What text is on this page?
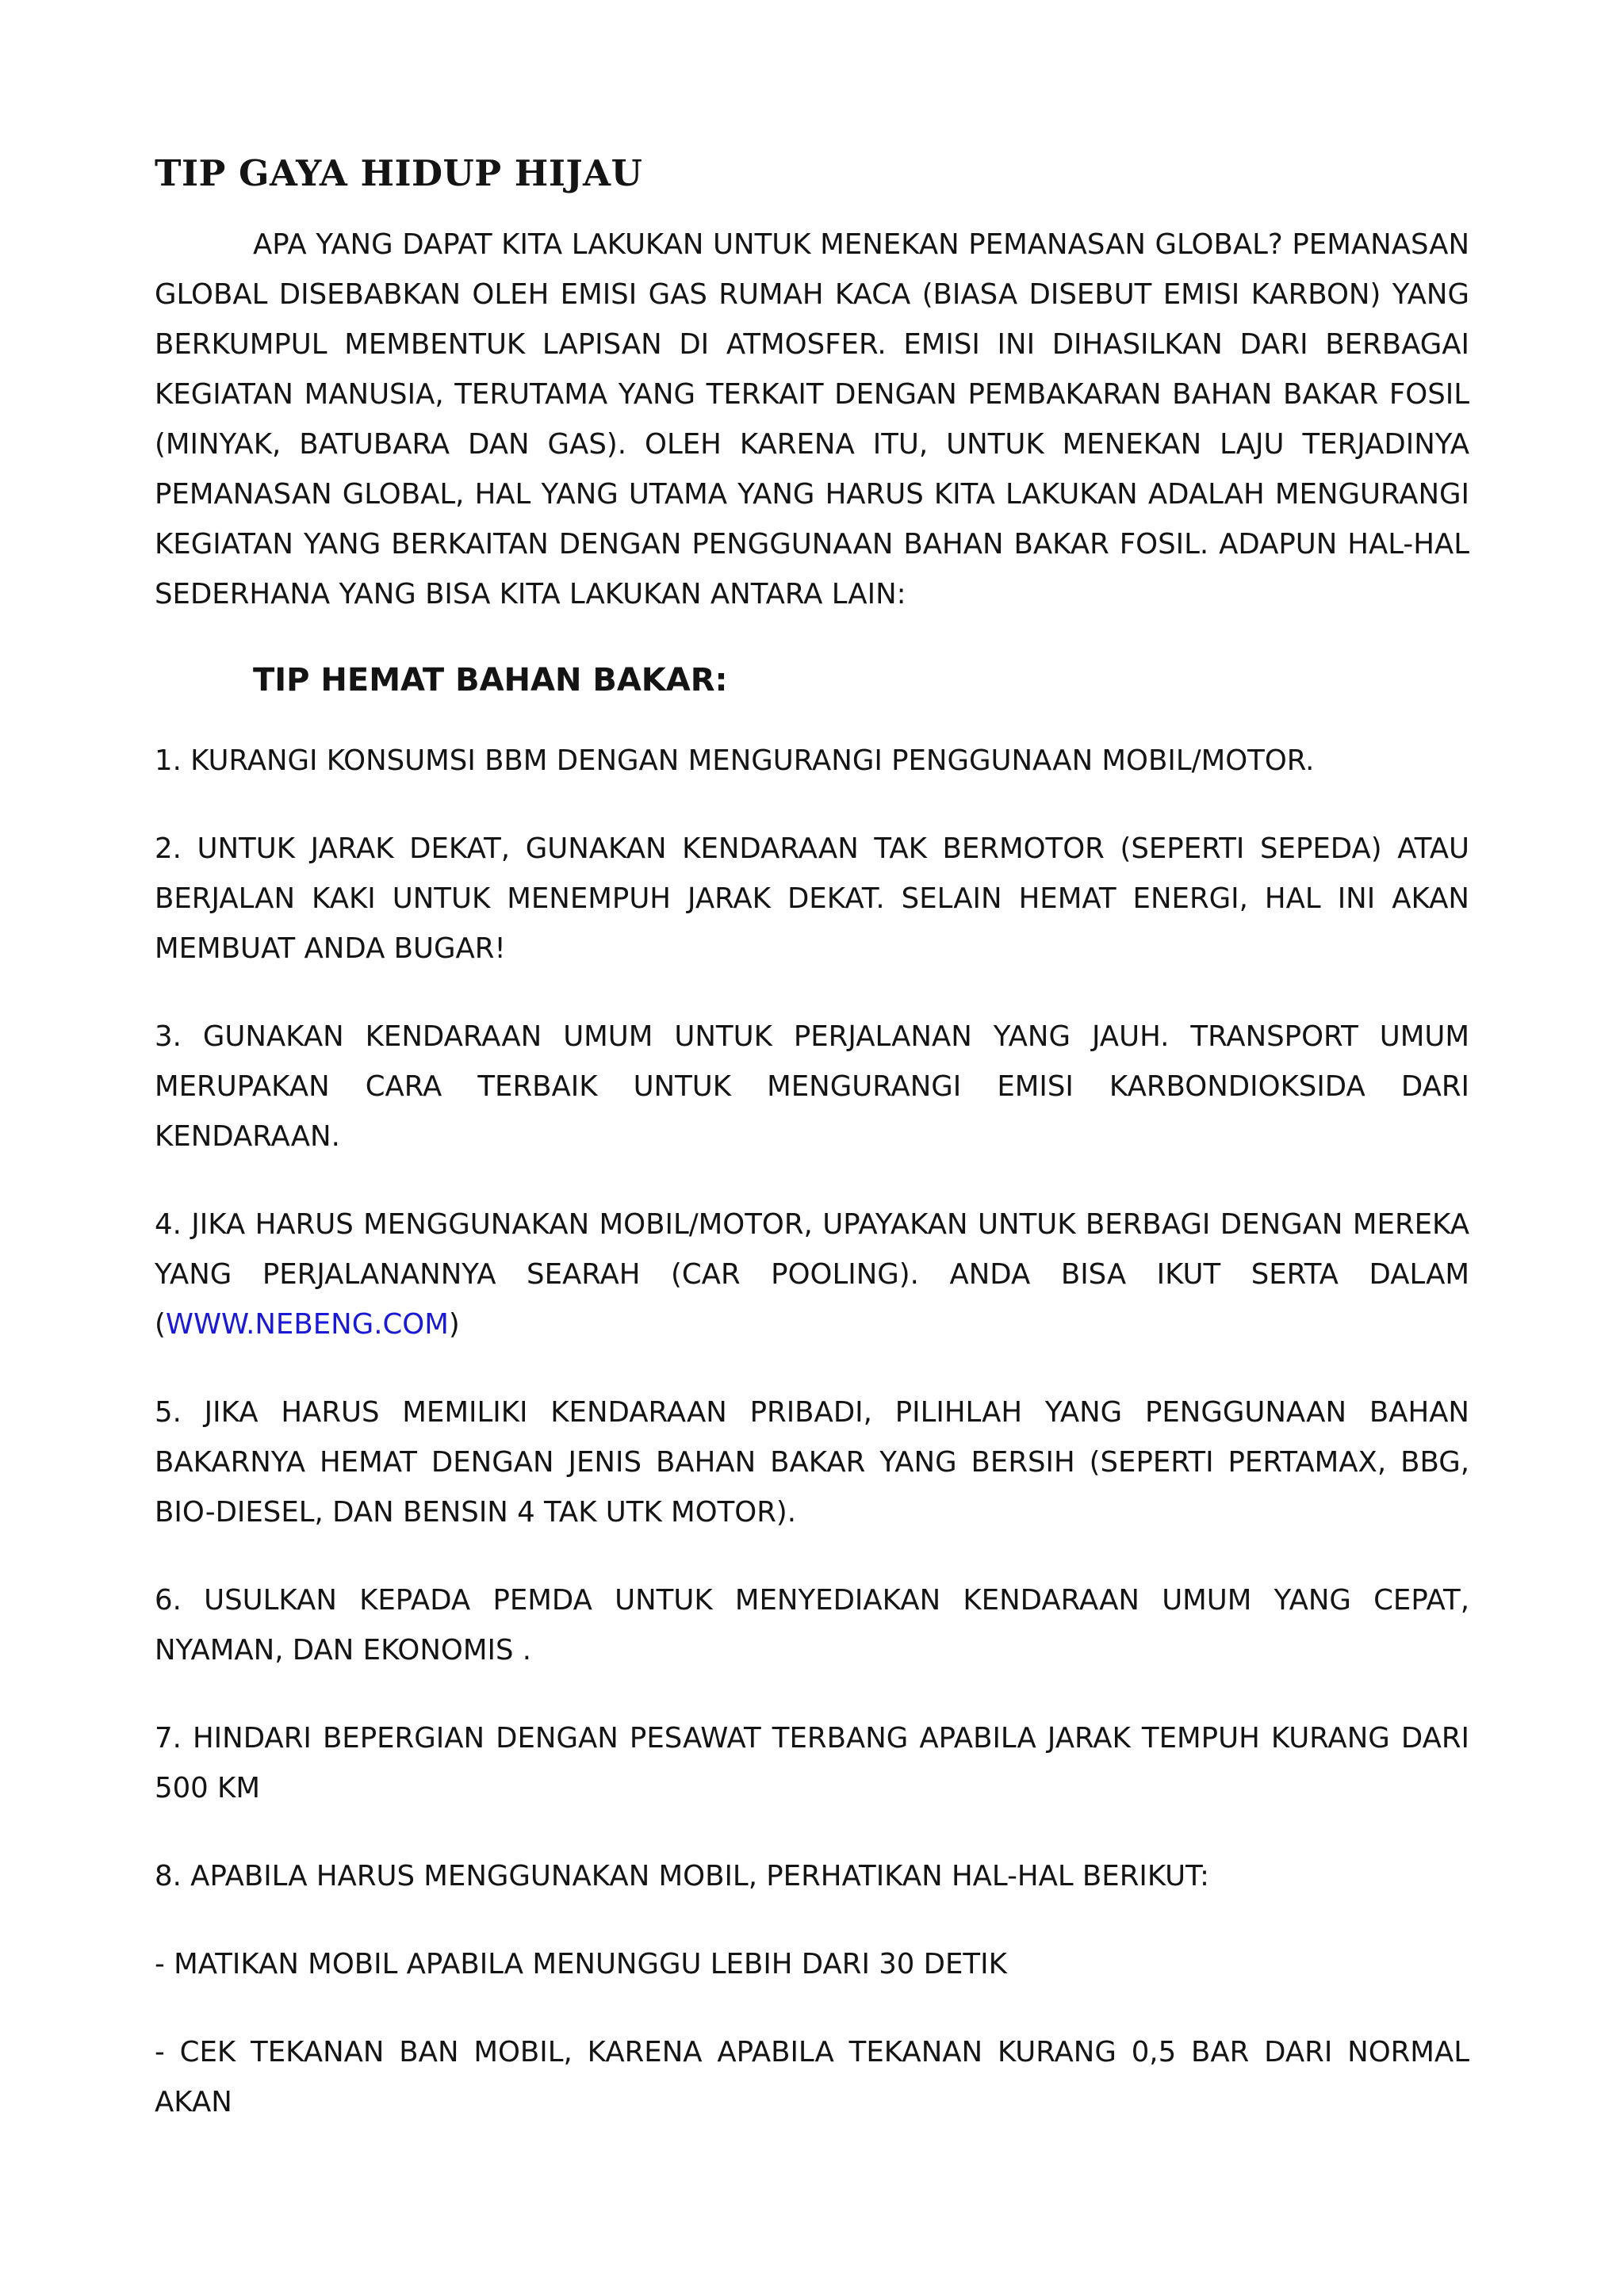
TIP GAYA HIDUP HIJAU

APA YANG DAPAT KITA LAKUKAN UNTUK MENEKAN PEMANASAN GLOBAL? PEMANASAN GLOBAL DISEBABKAN OLEH EMISI GAS RUMAH KACA (BIASA DISEBUT EMISI KARBON) YANG BERKUMPUL MEMBENTUK LAPISAN DI ATMOSFER. EMISI INI DIHASILKAN DARI BERBAGAI KEGIATAN MANUSIA, TERUTAMA YANG TERKAIT DENGAN PEMBAKARAN BAHAN BAKAR FOSIL (MINYAK, BATUBARA DAN GAS). OLEH KARENA ITU, UNTUK MENEKAN LAJU TERJADINYA PEMANASAN GLOBAL, HAL YANG UTAMA YANG HARUS KITA LAKUKAN ADALAH MENGURANGI KEGIATAN YANG BERKAITAN DENGAN PENGGUNAAN BAHAN BAKAR FOSIL. ADAPUN HAL-HAL SEDERHANA YANG BISA KITA LAKUKAN ANTARA LAIN:

TIP HEMAT BAHAN BAKAR:

1. KURANGI KONSUMSI BBM DENGAN MENGURANGI PENGGUNAAN MOBIL/MOTOR.

2. UNTUK JARAK DEKAT, GUNAKAN KENDARAAN TAK BERMOTOR (SEPERTI SEPEDA) ATAU BERJALAN KAKI UNTUK MENEMPUH JARAK DEKAT. SELAIN HEMAT ENERGI, HAL INI AKAN MEMBUAT ANDA BUGAR!

3. GUNAKAN KENDARAAN UMUM UNTUK PERJALANAN YANG JAUH. TRANSPORT UMUM MERUPAKAN CARA TERBAIK UNTUK MENGURANGI EMISI KARBONDIOKSIDA DARI KENDARAAN.

4. JIKA HARUS MENGGUNAKAN MOBIL/MOTOR, UPAYAKAN UNTUK BERBAGI DENGAN MEREKA YANG PERJALANANNYA SEARAH (CAR POOLING). ANDA BISA IKUT SERTA DALAM (WWW.NEBENG.COM)

5. JIKA HARUS MEMILIKI KENDARAAN PRIBADI, PILIHLAH YANG PENGGUNAAN BAHAN BAKARNYA HEMAT DENGAN JENIS BAHAN BAKAR YANG BERSIH (SEPERTI PERTAMAX, BBG, BIO-DIESEL, DAN BENSIN 4 TAK UTK MOTOR).

6. USULKAN KEPADA PEMDA UNTUK MENYEDIAKAN KENDARAAN UMUM YANG CEPAT, NYAMAN, DAN EKONOMIS .

7. HINDARI BEPERGIAN DENGAN PESAWAT TERBANG APABILA JARAK TEMPUH KURANG DARI 500 KM

8. APABILA HARUS MENGGUNAKAN MOBIL, PERHATIKAN HAL-HAL BERIKUT:

- MATIKAN MOBIL APABILA MENUNGGU LEBIH DARI 30 DETIK

- CEK TEKANAN BAN MOBIL, KARENA APABILA TEKANAN KURANG 0,5 BAR DARI NORMAL AKAN
